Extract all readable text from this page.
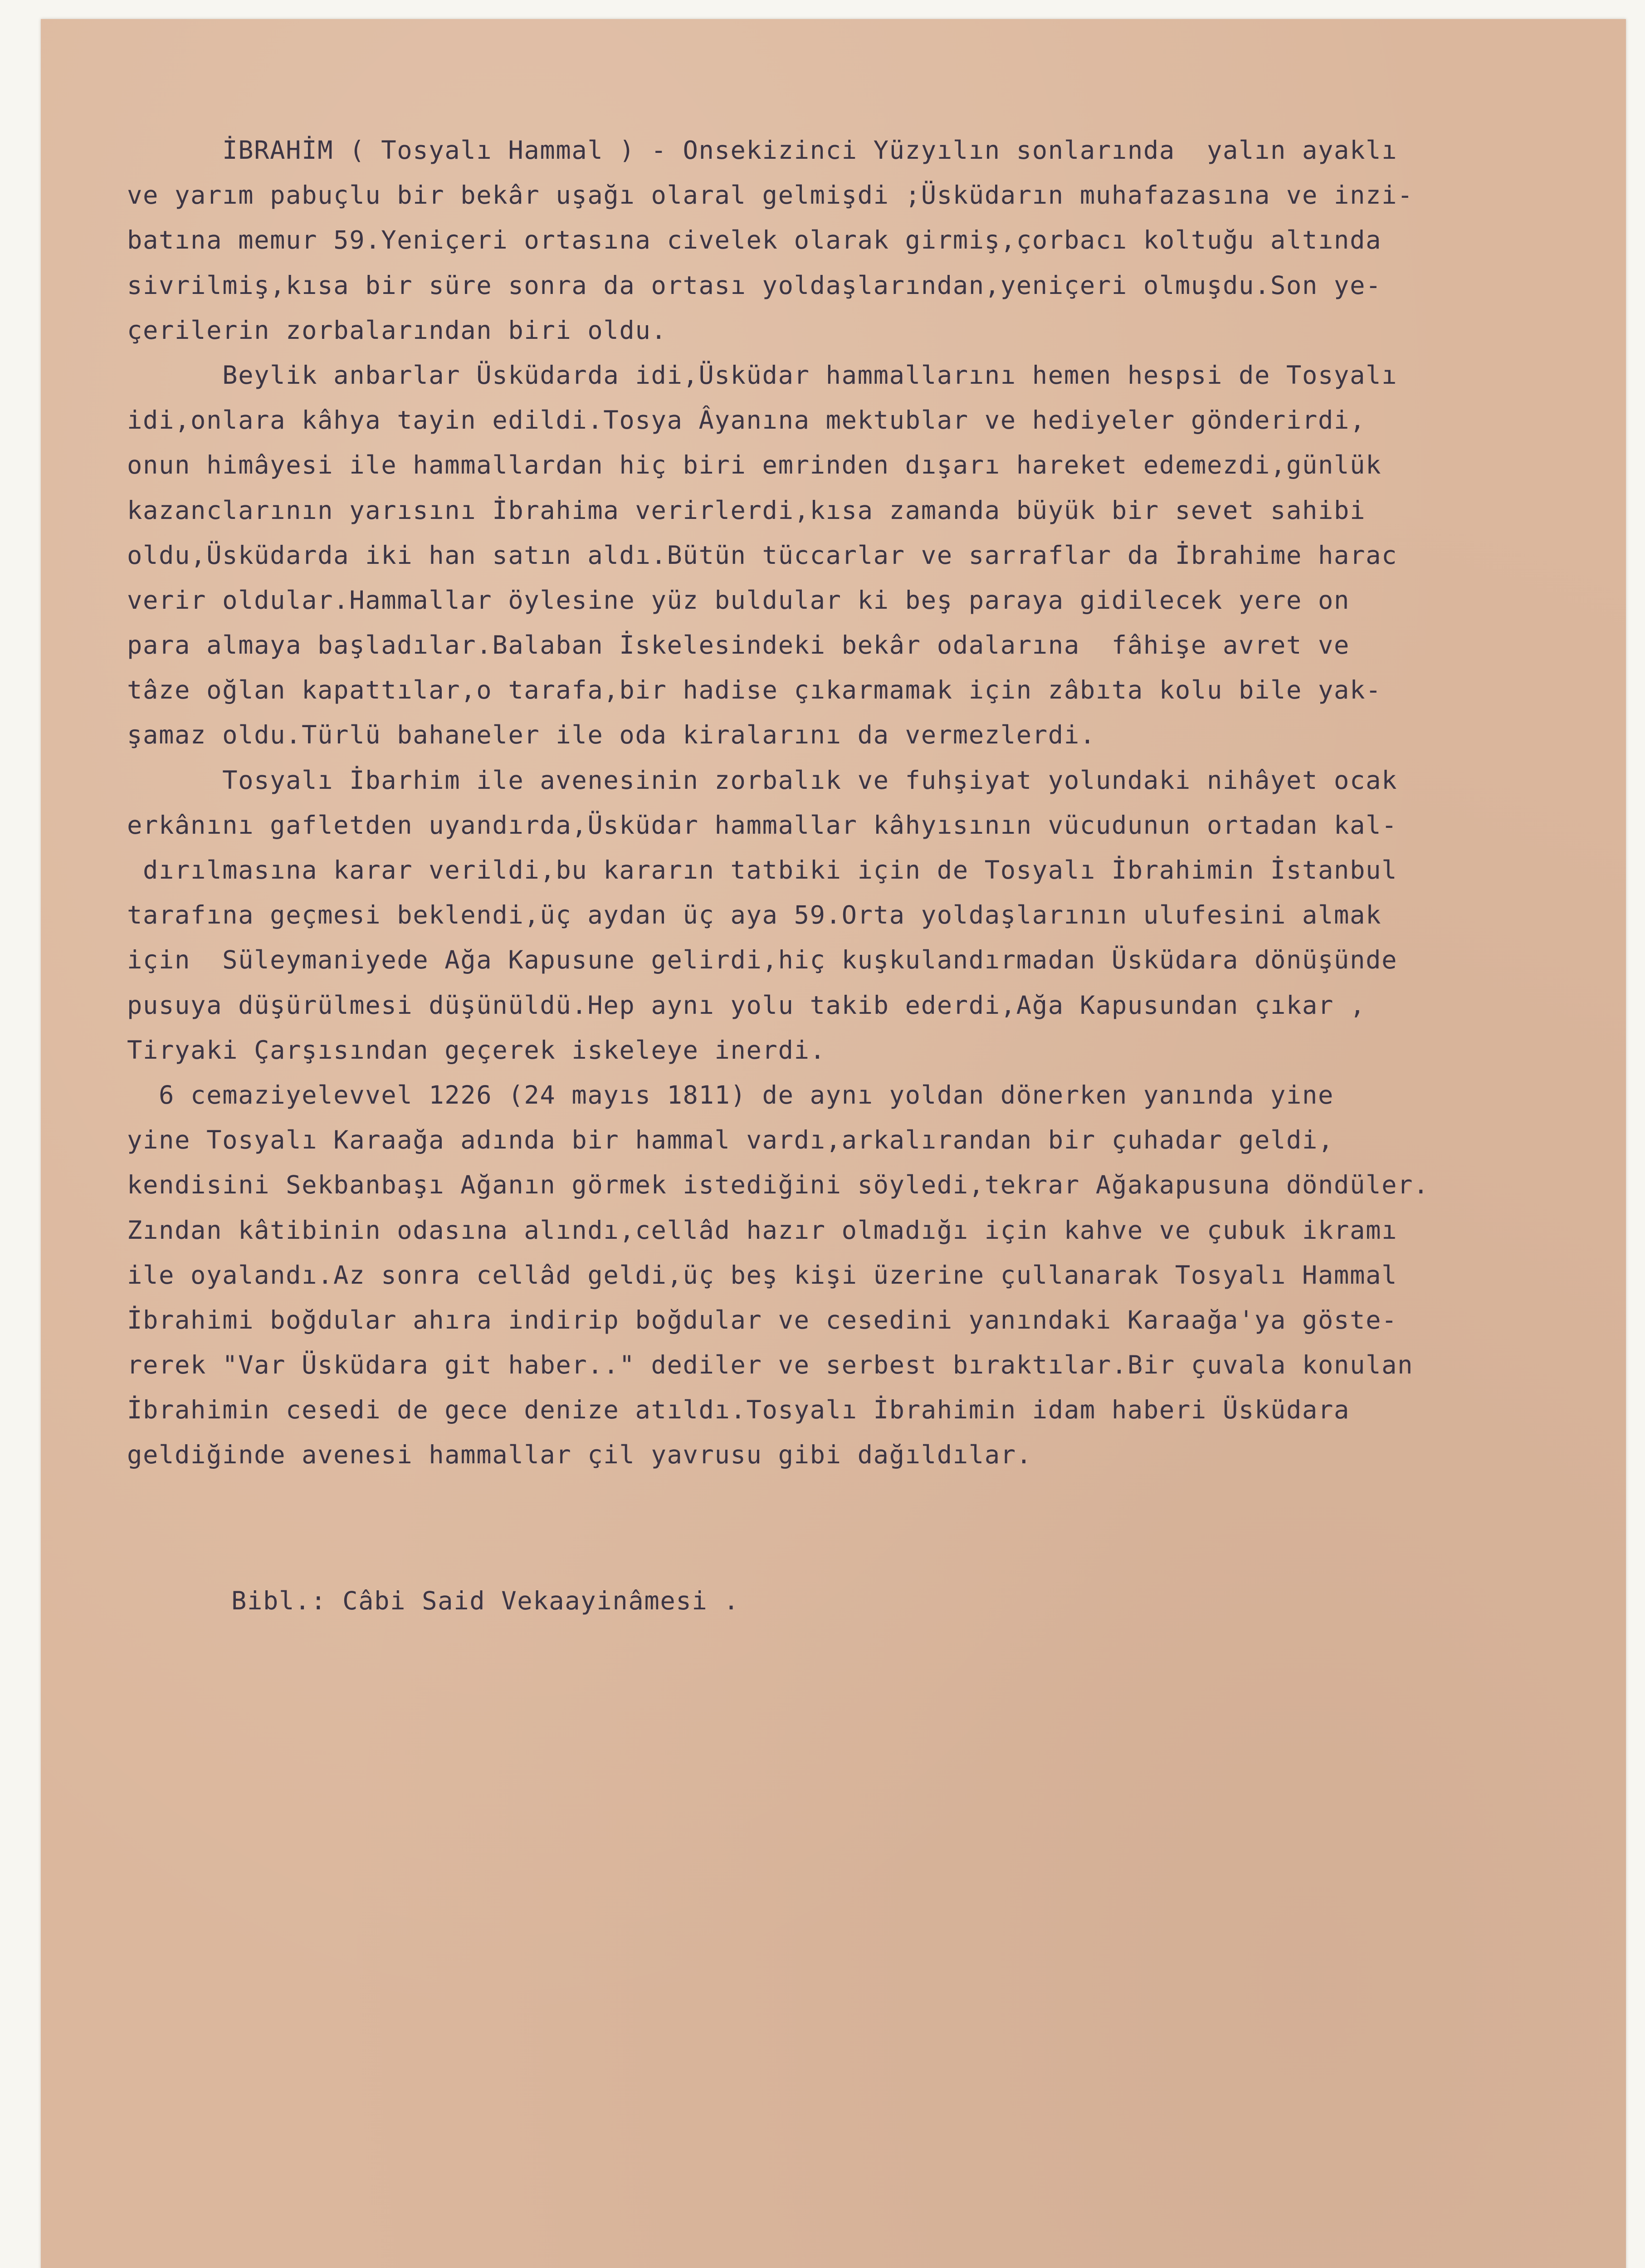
İBRAHİM ( Tosyalı Hammal ) - Onsekizinci Yüzyılın sonlarında  yalın ayaklı
ve yarım pabuçlu bir bekâr uşağı olaral gelmişdi ;Üsküdarın muhafazasına ve inzi-
batına memur 59.Yeniçeri ortasına civelek olarak girmiş,çorbacı koltuğu altında
sivrilmiş,kısa bir süre sonra da ortası yoldaşlarından,yeniçeri olmuşdu.Son ye-
çerilerin zorbalarından biri oldu.
Beylik anbarlar Üsküdarda idi,Üsküdar hammallarını hemen hespsi de Tosyalı
idi,onlara kâhya tayin edildi.Tosya Âyanına mektublar ve hediyeler gönderirdi,
onun himâyesi ile hammallardan hiç biri emrinden dışarı hareket edemezdi,günlük
kazanclarının yarısını İbrahima verirlerdi,kısa zamanda büyük bir sevet sahibi
oldu,Üsküdarda iki han satın aldı.Bütün tüccarlar ve sarraflar da İbrahime harac
verir oldular.Hammallar öylesine yüz buldular ki beş paraya gidilecek yere on
para almaya başladılar.Balaban İskelesindeki bekâr odalarına  fâhişe avret ve
tâze oğlan kapattılar,o tarafa,bir hadise çıkarmamak için zâbıta kolu bile yak-
şamaz oldu.Türlü bahaneler ile oda kiralarını da vermezlerdi.
Tosyalı İbarhim ile avenesinin zorbalık ve fuhşiyat yolundaki nihâyet ocak
erkânını gafletden uyandırda,Üsküdar hammallar kâhyısının vücudunun ortadan kal-
dırılmasına karar verildi,bu kararın tatbiki için de Tosyalı İbrahimin İstanbul
tarafına geçmesi beklendi,üç aydan üç aya 59.Orta yoldaşlarının ulufesini almak
için  Süleymaniyede Ağa Kapusune gelirdi,hiç kuşkulandırmadan Üsküdara dönüşünde
pusuya düşürülmesi düşünüldü.Hep aynı yolu takib ederdi,Ağa Kapusundan çıkar ,
Tiryaki Çarşısından geçerek iskeleye inerdi.
6 cemaziyelevvel 1226 (24 mayıs 1811) de aynı yoldan dönerken yanında yine
yine Tosyalı Karaağa adında bir hammal vardı,arkalırandan bir çuhadar geldi,
kendisini Sekbanbaşı Ağanın görmek istediğini söyledi,tekrar Ağakapusuna döndüler.
Zından kâtibinin odasına alındı,cellâd hazır olmadığı için kahve ve çubuk ikramı
ile oyalandı.Az sonra cellâd geldi,üç beş kişi üzerine çullanarak Tosyalı Hammal
İbrahimi boğdular ahıra indirip boğdular ve cesedini yanındaki Karaağa'ya göste-
rerek "Var Üsküdara git haber.." dediler ve serbest bıraktılar.Bir çuvala konulan
İbrahimin cesedi de gece denize atıldı.Tosyalı İbrahimin idam haberi Üsküdara
geldiğinde avenesi hammallar çil yavrusu gibi dağıldılar.
Bibl.: Câbi Said Vekaayinâmesi .
